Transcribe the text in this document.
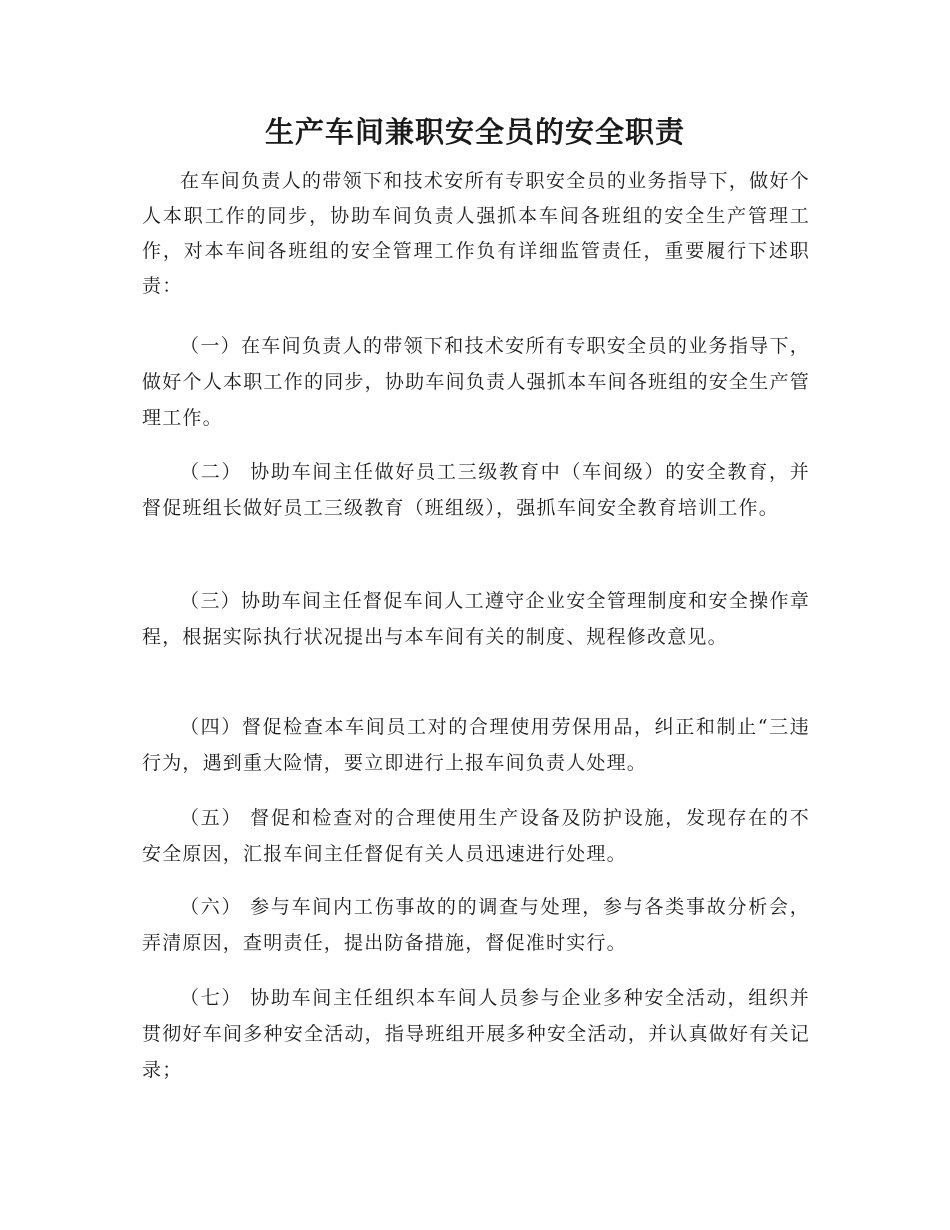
生产车间兼职安全员的安全职责

在车间负责人的带领下和技术安所有专职安全员的业务指导下，做好个人本职工作的同步，协助车间负责人强抓本车间各班组的安全生产管理工作，对本车间各班组的安全管理工作负有详细监管责任，重要履行下述职责：

（一）在车间负责人的带领下和技术安所有专职安全员的业务指导下，做好个人本职工作的同步，协助车间负责人强抓本车间各班组的安全生产管理工作。

（二） 协助车间主任做好员工三级教育中（车间级）的安全教育，并督促班组长做好员工三级教育（班组级），强抓车间安全教育培训工作。

（三）协助车间主任督促车间人工遵守企业安全管理制度和安全操作章程，根据实际执行状况提出与本车间有关的制度、规程修改意见。

（四）督促检查本车间员工对的合理使用劳保用品，纠正和制止“三违行为，遇到重大险情，要立即进行上报车间负责人处理。

（五） 督促和检查对的合理使用生产设备及防护设施，发现存在的不安全原因，汇报车间主任督促有关人员迅速进行处理。

（六） 参与车间内工伤事故的的调查与处理，参与各类事故分析会，弄清原因，查明责任，提出防备措施，督促准时实行。

（七） 协助车间主任组织本车间人员参与企业多种安全活动，组织并贯彻好车间多种安全活动，指导班组开展多种安全活动，并认真做好有关记录；
